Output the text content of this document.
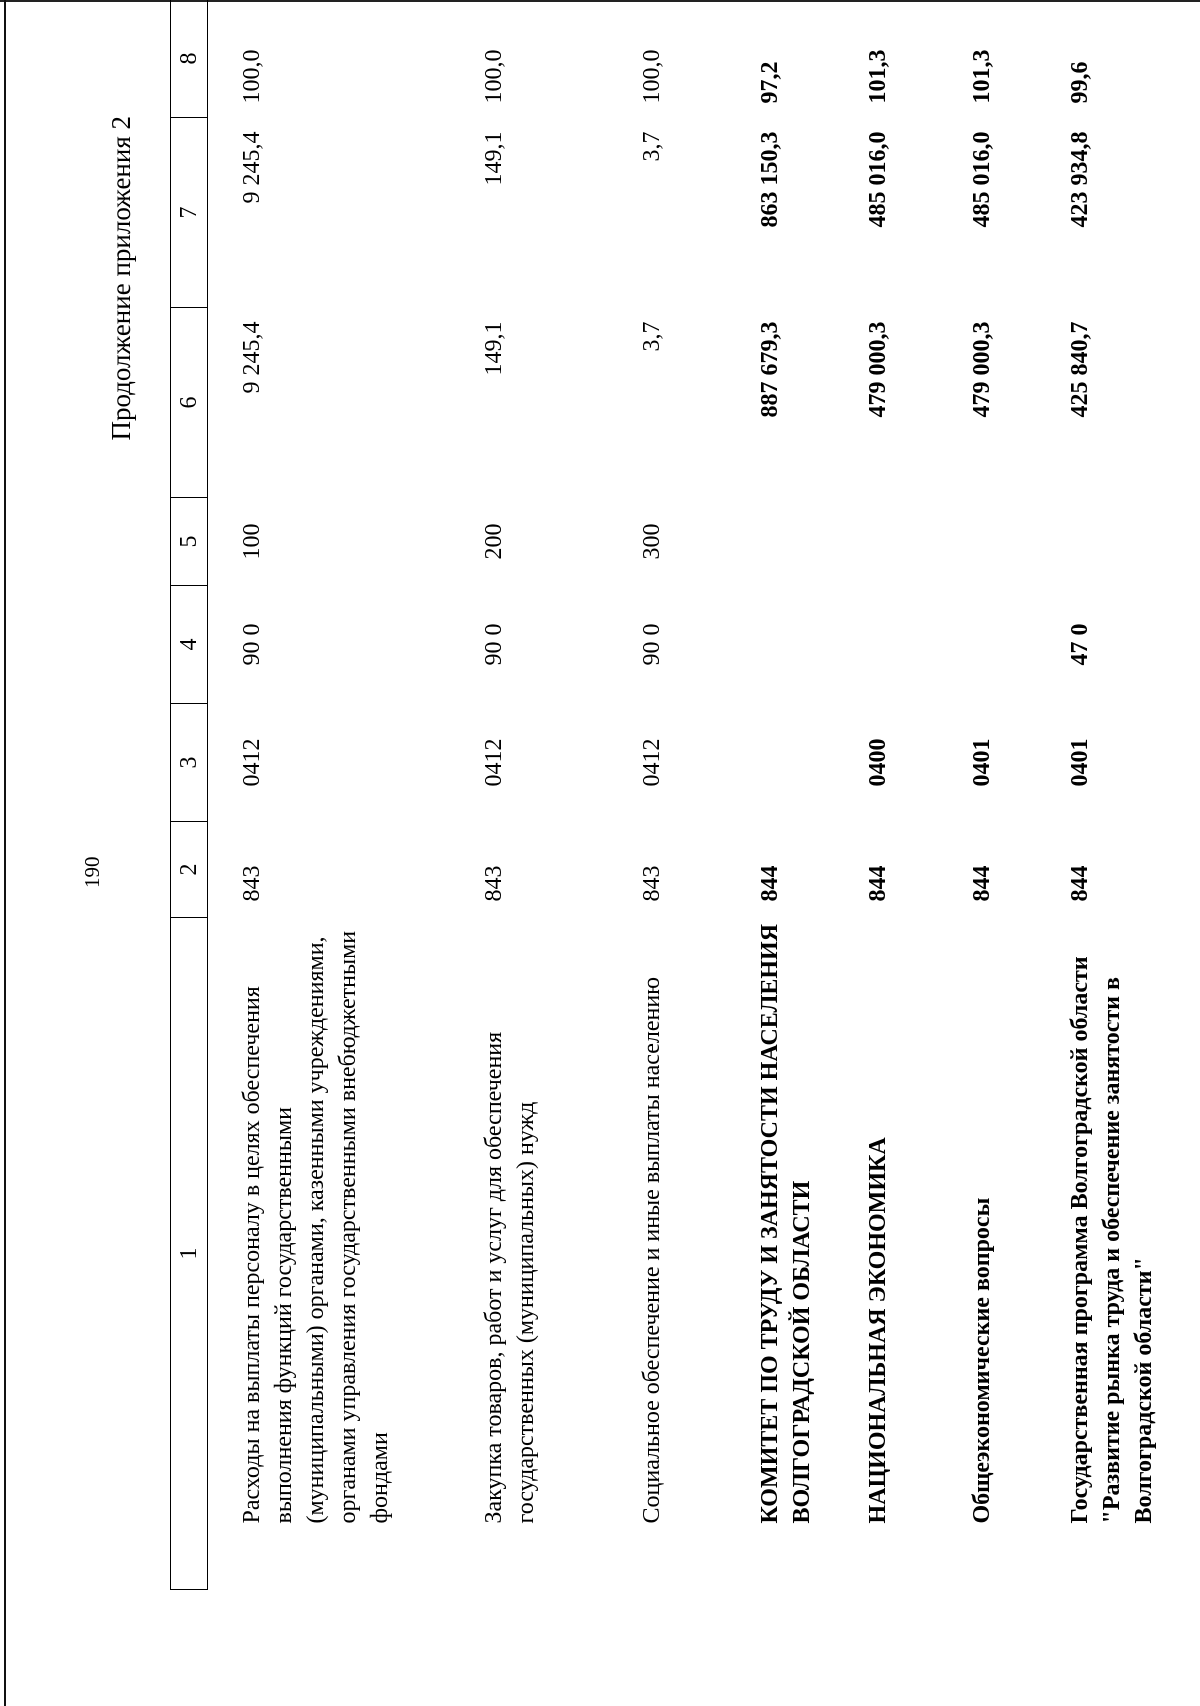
190
Продолжение приложения 2
1	2	3	4	5	6	7	8
Расходы на выплаты персоналу в целях обеспечения выполнения функций государственными (муниципальными) органами, казенными учреждениями, органами управления государственными внебюджетными фондами	843	0412	90 0	100	9 245,4	9 245,4	100,0
Закупка товаров, работ и услуг для обеспечения государственных (муниципальных) нужд	843	0412	90 0	200	149,1	149,1	100,0
Социальное обеспечение и иные выплаты населению	843	0412	90 0	300	3,7	3,7	100,0
КОМИТЕТ ПО ТРУДУ И ЗАНЯТОСТИ НАСЕЛЕНИЯ ВОЛГОГРАДСКОЙ ОБЛАСТИ	844				887 679,3	863 150,3	97,2
НАЦИОНАЛЬНАЯ ЭКОНОМИКА	844	0400			479 000,3	485 016,0	101,3
Общеэкономические вопросы	844	0401			479 000,3	485 016,0	101,3
Государственная программа Волгоградской области "Развитие рынка труда и обеспечение занятости в Волгоградской области"	844	0401	47 0		425 840,7	423 934,8	99,6
